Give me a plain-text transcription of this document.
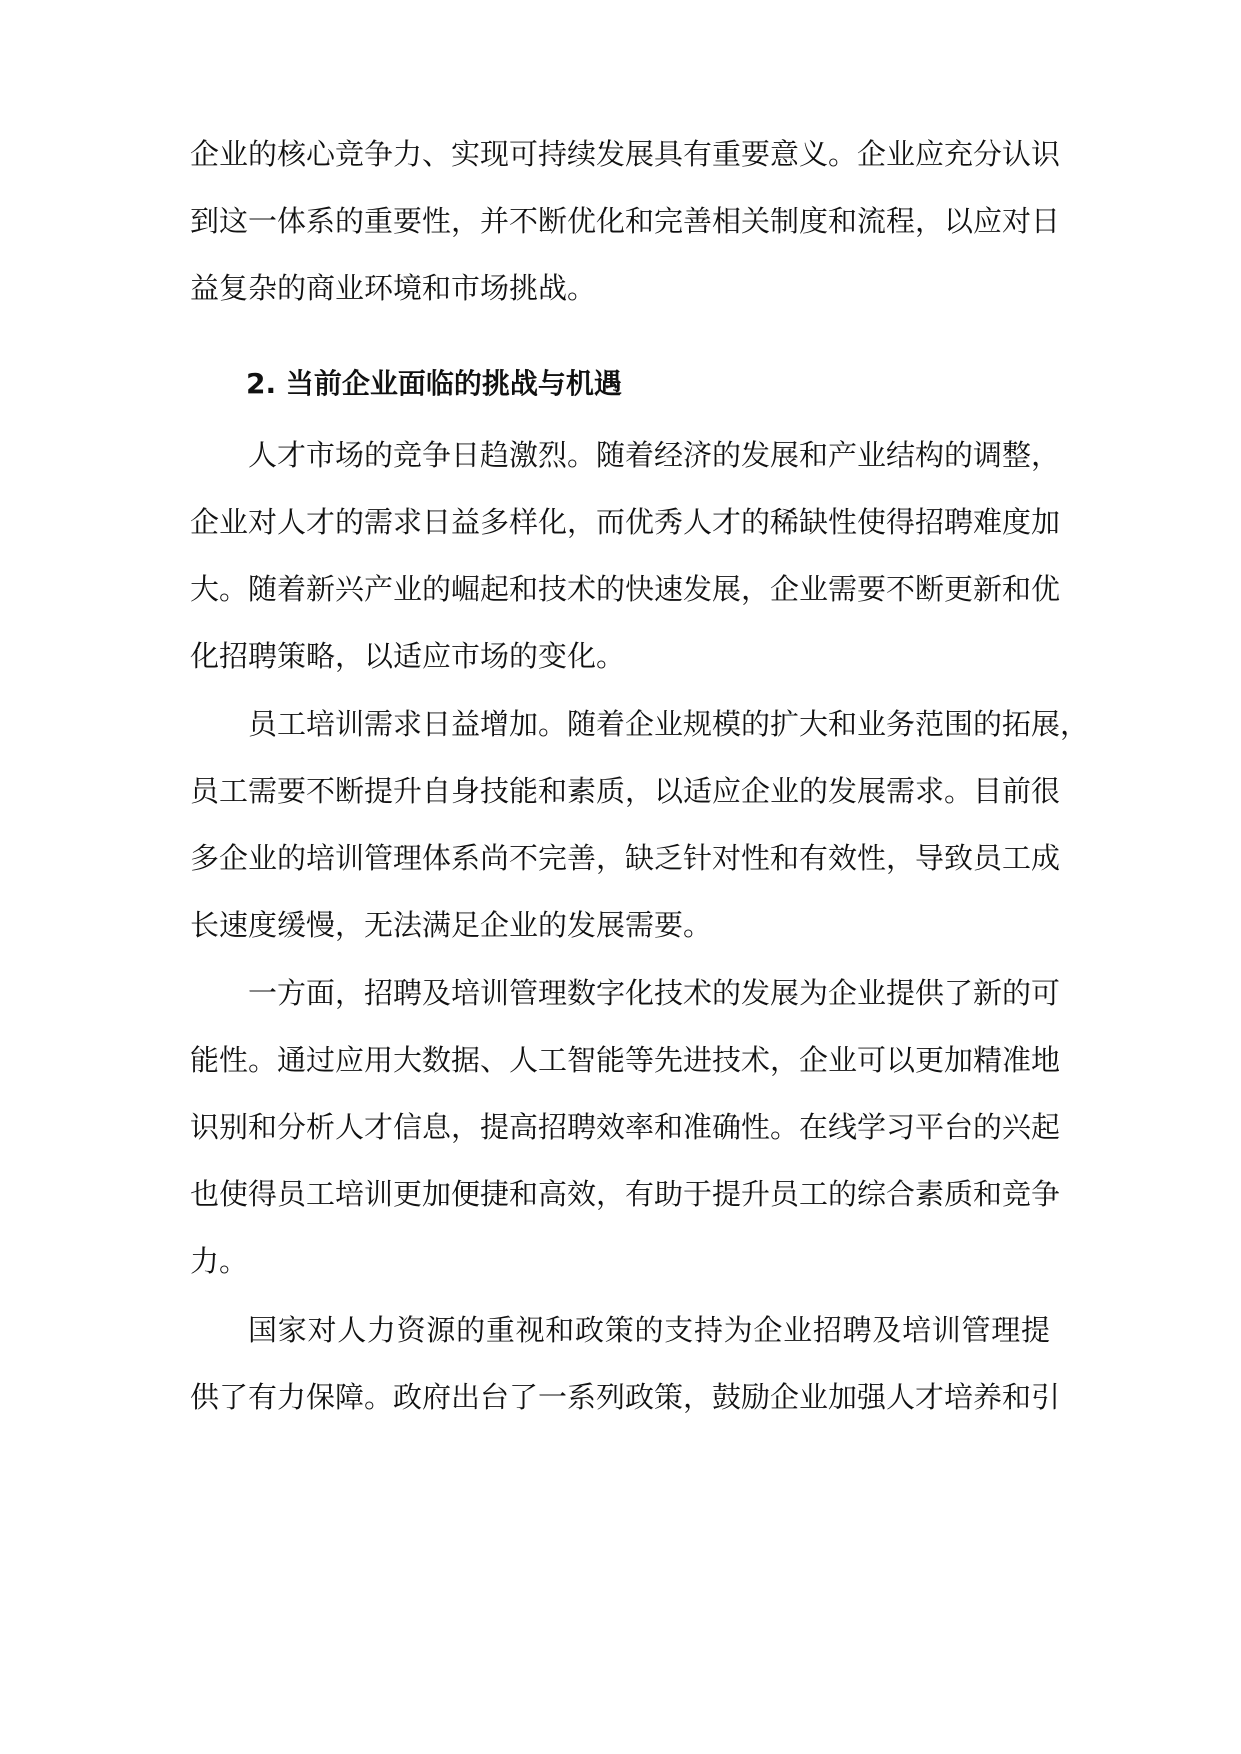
企业的核心竞争力、实现可持续发展具有重要意义。企业应充分认识
到这一体系的重要性，并不断优化和完善相关制度和流程，以应对日
益复杂的商业环境和市场挑战。
2. 当前企业面临的挑战与机遇
人才市场的竞争日趋激烈。随着经济的发展和产业结构的调整，
企业对人才的需求日益多样化，而优秀人才的稀缺性使得招聘难度加
大。随着新兴产业的崛起和技术的快速发展，企业需要不断更新和优
化招聘策略，以适应市场的变化。
员工培训需求日益增加。随着企业规模的扩大和业务范围的拓展，
员工需要不断提升自身技能和素质，以适应企业的发展需求。目前很
多企业的培训管理体系尚不完善，缺乏针对性和有效性，导致员工成
长速度缓慢，无法满足企业的发展需要。
一方面，招聘及培训管理数字化技术的发展为企业提供了新的可
能性。通过应用大数据、人工智能等先进技术，企业可以更加精准地
识别和分析人才信息，提高招聘效率和准确性。在线学习平台的兴起
也使得员工培训更加便捷和高效，有助于提升员工的综合素质和竞争
力。
国家对人力资源的重视和政策的支持为企业招聘及培训管理提
供了有力保障。政府出台了一系列政策，鼓励企业加强人才培养和引
